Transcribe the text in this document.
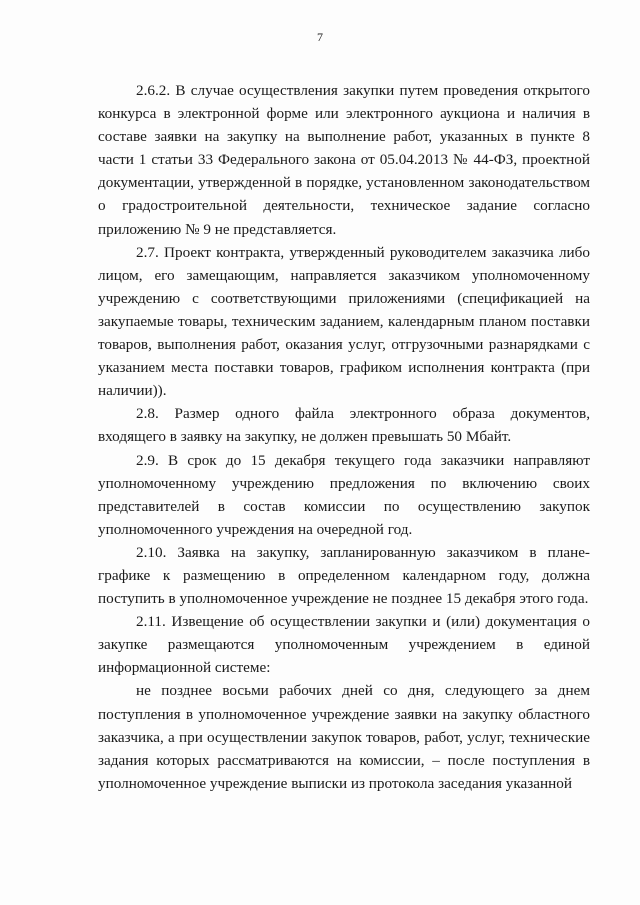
7

2.6.2. В случае осуществления закупки путем проведения открытого конкурса в электронной форме или электронного аукциона и наличия в составе заявки на закупку на выполнение работ, указанных в пункте 8 части 1 статьи 33 Федерального закона от 05.04.2013 № 44-ФЗ, проектной документации, утвержденной в порядке, установленном законодательством о градостроительной деятельности, техническое задание согласно приложению № 9 не представляется.

2.7. Проект контракта, утвержденный руководителем заказчика либо лицом, его замещающим, направляется заказчиком уполномоченному учреждению с соответствующими приложениями (спецификацией на закупаемые товары, техническим заданием, календарным планом поставки товаров, выполнения работ, оказания услуг, отгрузочными разнарядками с указанием места поставки товаров, графиком исполнения контракта (при наличии)).

2.8. Размер одного файла электронного образа документов, входящего в заявку на закупку, не должен превышать 50 Мбайт.

2.9. В срок до 15 декабря текущего года заказчики направляют уполномоченному учреждению предложения по включению своих представителей в состав комиссии по осуществлению закупок уполномоченного учреждения на очередной год.

2.10. Заявка на закупку, запланированную заказчиком в плане-графике к размещению в определенном календарном году, должна поступить в уполномоченное учреждение не позднее 15 декабря этого года.

2.11. Извещение об осуществлении закупки и (или) документация о закупке размещаются уполномоченным учреждением в единой информационной системе:

не позднее восьми рабочих дней со дня, следующего за днем поступления в уполномоченное учреждение заявки на закупку областного заказчика, а при осуществлении закупок товаров, работ, услуг, технические задания которых рассматриваются на комиссии, – после поступления в уполномоченное учреждение выписки из протокола заседания указанной
